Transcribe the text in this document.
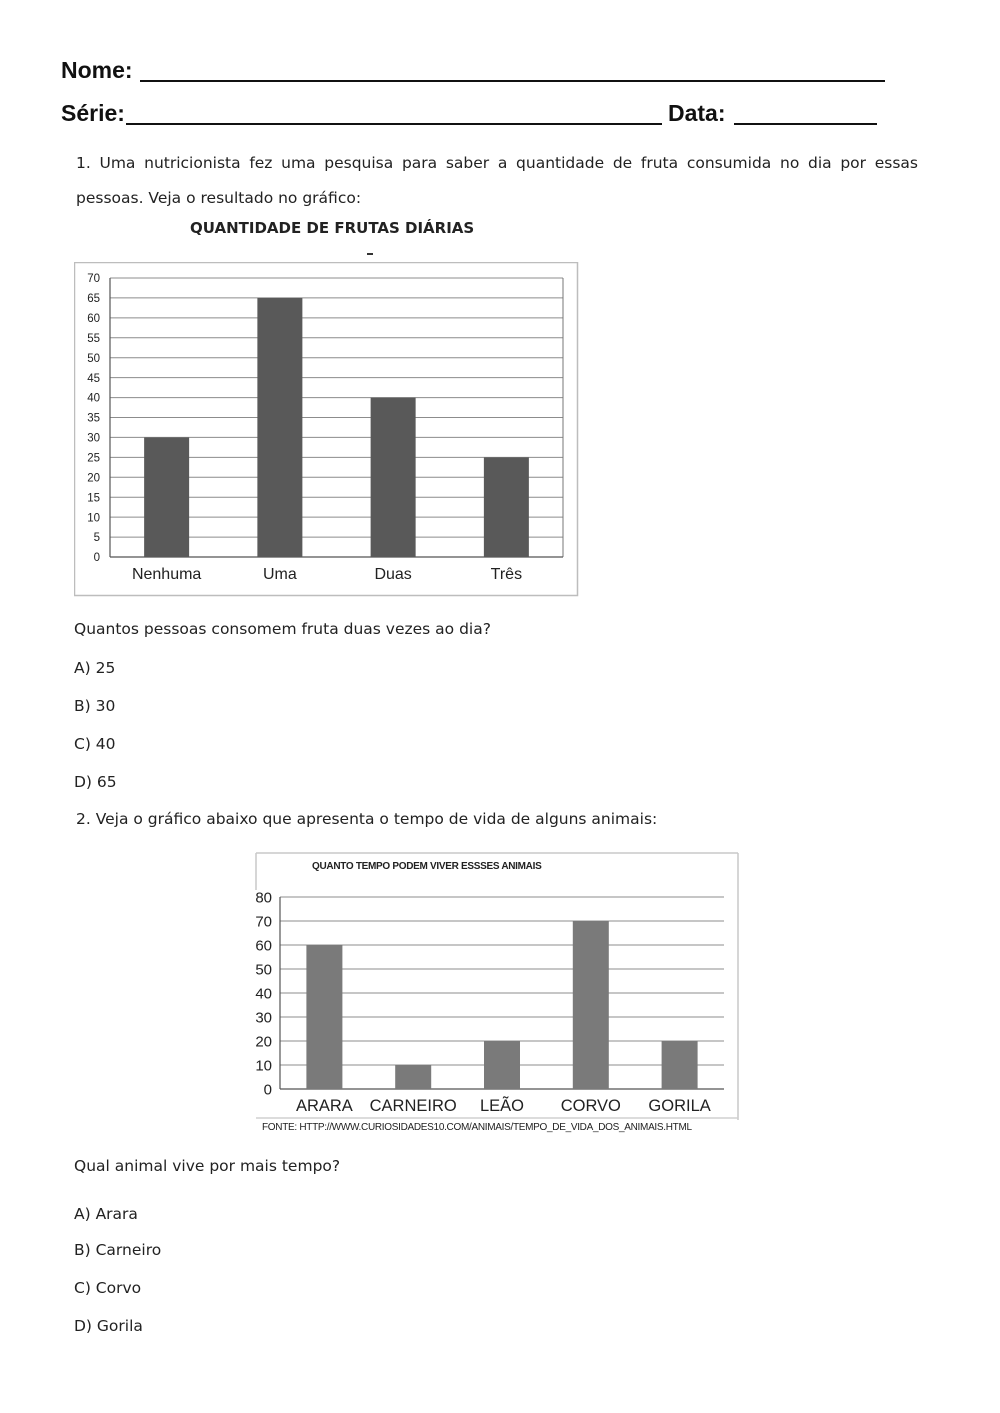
Nome:
Série:	Data:
1. Uma nutricionista fez uma pesquisa para saber a quantidade de fruta consumida no dia por essas
pessoas. Veja o resultado no gráfico:
QUANTIDADE DE FRUTAS DIÁRIAS
0
5
10
15
20
25
30
35
40
45
50
55
60
65
70
Nenhuma	Uma	Duas	Três
Quantos pessoas consomem fruta duas vezes ao dia?
A) 25
B) 30
C) 40
D) 65
2. Veja o gráfico abaixo que apresenta o tempo de vida de alguns animais:
0
10
20
30
40
50
60
70
80
ARARA CARNEIRO LEÃO CORVO GORILA
QUANTO TEMPO PODEM VIVER ESSSES ANIMAIS
FONTE: HTTP://WWW.CURIOSIDADES10.COM/ANIMAIS/TEMPO_DE_VIDA_DOS_ANIMAIS.HTML
Qual animal vive por mais tempo?
A) Arara
B) Carneiro
C) Corvo
D) Gorila
